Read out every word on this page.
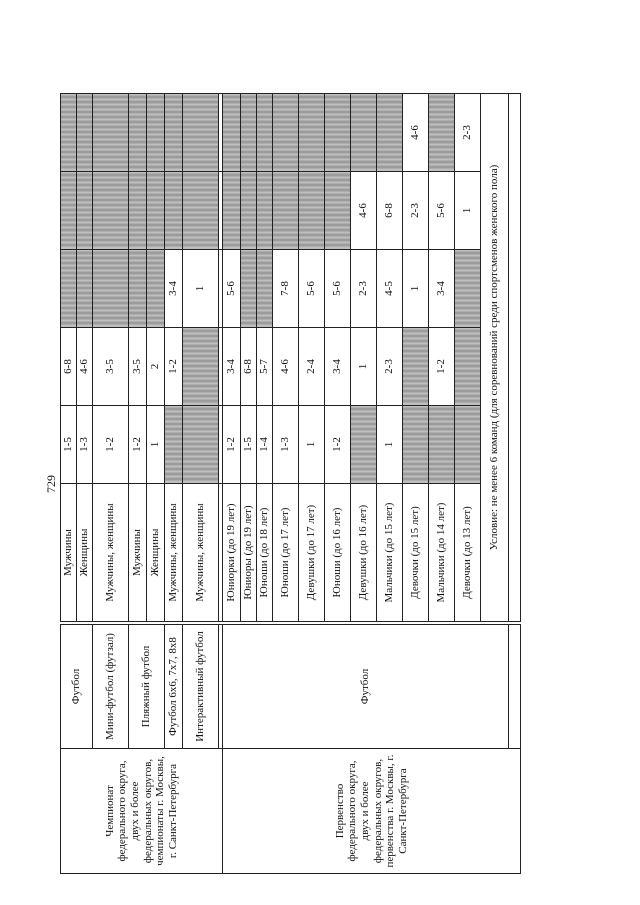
729
Чемпионат федерального округа, двух и более федеральных округов, чемпионаты г. Москвы, г. Санкт-Петербурга	Футбол		Мужчины	1-5	6-8			
			Женщины	1-3	4-6			
	Мини-футбол (футзал)		Мужчины, женщины	1-2	3-5			
	Пляжный футбол		Мужчины	1-2	3-5			
			Женщины	1	2			
	Футбол 6x6, 7x7, 8x8		Мужчины, женщины		1-2	3-4		
	Интерактивный футбол		Мужчины, женщины			1		

Первенство федерального округа, двух и более федеральных округов, первенства г. Москвы, г. Санкт-Петербурга	Футбол		Юниорки (до 19 лет)	1-2	3-4	5-6		
			Юниоры (до 19 лет)	1-5	6-8			
			Юноши (до 18 лет)	1-4	5-7			
			Юноши (до 17 лет)	1-3	4-6	7-8		
			Девушки (до 17 лет)	1	2-4	5-6		
			Юноши (до 16 лет)	1-2	3-4	5-6		
			Девушки (до 16 лет)		1	2-3	4-6	
			Мальчики (до 15 лет)	1	2-3	4-5	6-8	
			Девочки (до 15 лет)			1	2-3	4-6
			Мальчики (до 14 лет)		1-2	3-4	5-6	
			Девочки (до 13 лет)				1	2-3
			Условие: не менее 6 команд (для соревнований среди спортсменов женского пола)					
